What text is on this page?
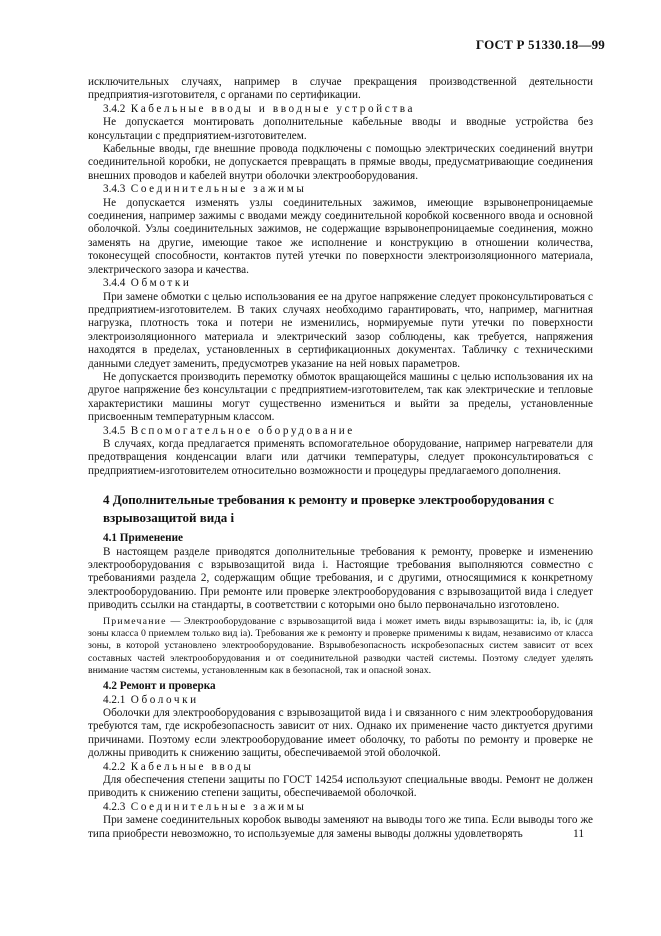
ГОСТ Р 51330.18—99

исключительных случаях, например в случае прекращения производственной деятельности предприятия-изготовителя, с органами по сертификации.

3.4.2 Кабельные вводы и вводные устройства

Не допускается монтировать дополнительные кабельные вводы и вводные устройства без консультации с предприятием-изготовителем.

Кабельные вводы, где внешние провода подключены с помощью электрических соединений внутри соединительной коробки, не допускается превращать в прямые вводы, предусматривающие соединения внешних проводов и кабелей внутри оболочки электрооборудования.

3.4.3 Соединительные зажимы

Не допускается изменять узлы соединительных зажимов, имеющие взрывонепроницаемые соединения, например зажимы с вводами между соединительной коробкой косвенного ввода и основной оболочкой. Узлы соединительных зажимов, не содержащие взрывонепроницаемые соединения, можно заменять на другие, имеющие такое же исполнение и конструкцию в отношении количества, токонесущей способности, контактов путей утечки по поверхности электроизоляционного материала, электрического зазора и качества.

3.4.4 Обмотки

При замене обмотки с целью использования ее на другое напряжение следует проконсультироваться с предприятием-изготовителем. В таких случаях необходимо гарантировать, что, например, магнитная нагрузка, плотность тока и потери не изменились, нормируемые пути утечки по поверхности электроизоляционного материала и электрический зазор соблюдены, как требуется, напряжения находятся в пределах, установленных в сертификационных документах. Табличку с техническими данными следует заменить, предусмотрев указание на ней новых параметров.

Не допускается производить перемотку обмоток вращающейся машины с целью использования их на другое напряжение без консультации с предприятием-изготовителем, так как электрические и тепловые характеристики машины могут существенно измениться и выйти за пределы, установленные присвоенным температурным классом.

3.4.5 Вспомогательное оборудование

В случаях, когда предлагается применять вспомогательное оборудование, например нагреватели для предотвращения конденсации влаги или датчики температуры, следует проконсультироваться с предприятием-изготовителем относительно возможности и процедуры предлагаемого дополнения.

4 Дополнительные требования к ремонту и проверке электрооборудования с взрывозащитой вида i

4.1 Применение

В настоящем разделе приводятся дополнительные требования к ремонту, проверке и изменению электрооборудования с взрывозащитой вида i. Настоящие требования выполняются совместно с требованиями раздела 2, содержащим общие требования, и с другими, относящимися к конкретному электрооборудованию. При ремонте или проверке электрооборудования с взрывозащитой вида i следует приводить ссылки на стандарты, в соответствии с которыми оно было первоначально изготовлено.

Примечание — Электрооборудование с взрывозащитой вида i может иметь виды взрывозащиты: ia, ib, ic (для зоны класса 0 приемлем только вид ia). Требования же к ремонту и проверке применимы к видам, независимо от класса зоны, в которой установлено электрооборудование. Взрывобезопасность искробезопасных систем зависит от всех составных частей электрооборудования и от соединительной разводки частей системы. Поэтому следует уделять внимание частям системы, установленным как в безопасной, так и опасной зонах.

4.2 Ремонт и проверка

4.2.1 Оболочки

Оболочки для электрооборудования с взрывозащитой вида i и связанного с ним электрооборудования требуются там, где искробезопасность зависит от них. Однако их применение часто диктуется другими причинами. Поэтому если электрооборудование имеет оболочку, то работы по ремонту и проверке не должны приводить к снижению защиты, обеспечиваемой этой оболочкой.

4.2.2 Кабельные вводы

Для обеспечения степени защиты по ГОСТ 14254 используют специальные вводы. Ремонт не должен приводить к снижению степени защиты, обеспечиваемой оболочкой.

4.2.3 Соединительные зажимы

При замене соединительных коробок выводы заменяют на выводы того же типа. Если выводы того же типа приобрести невозможно, то используемые для замены выводы должны удовлетворять	11
